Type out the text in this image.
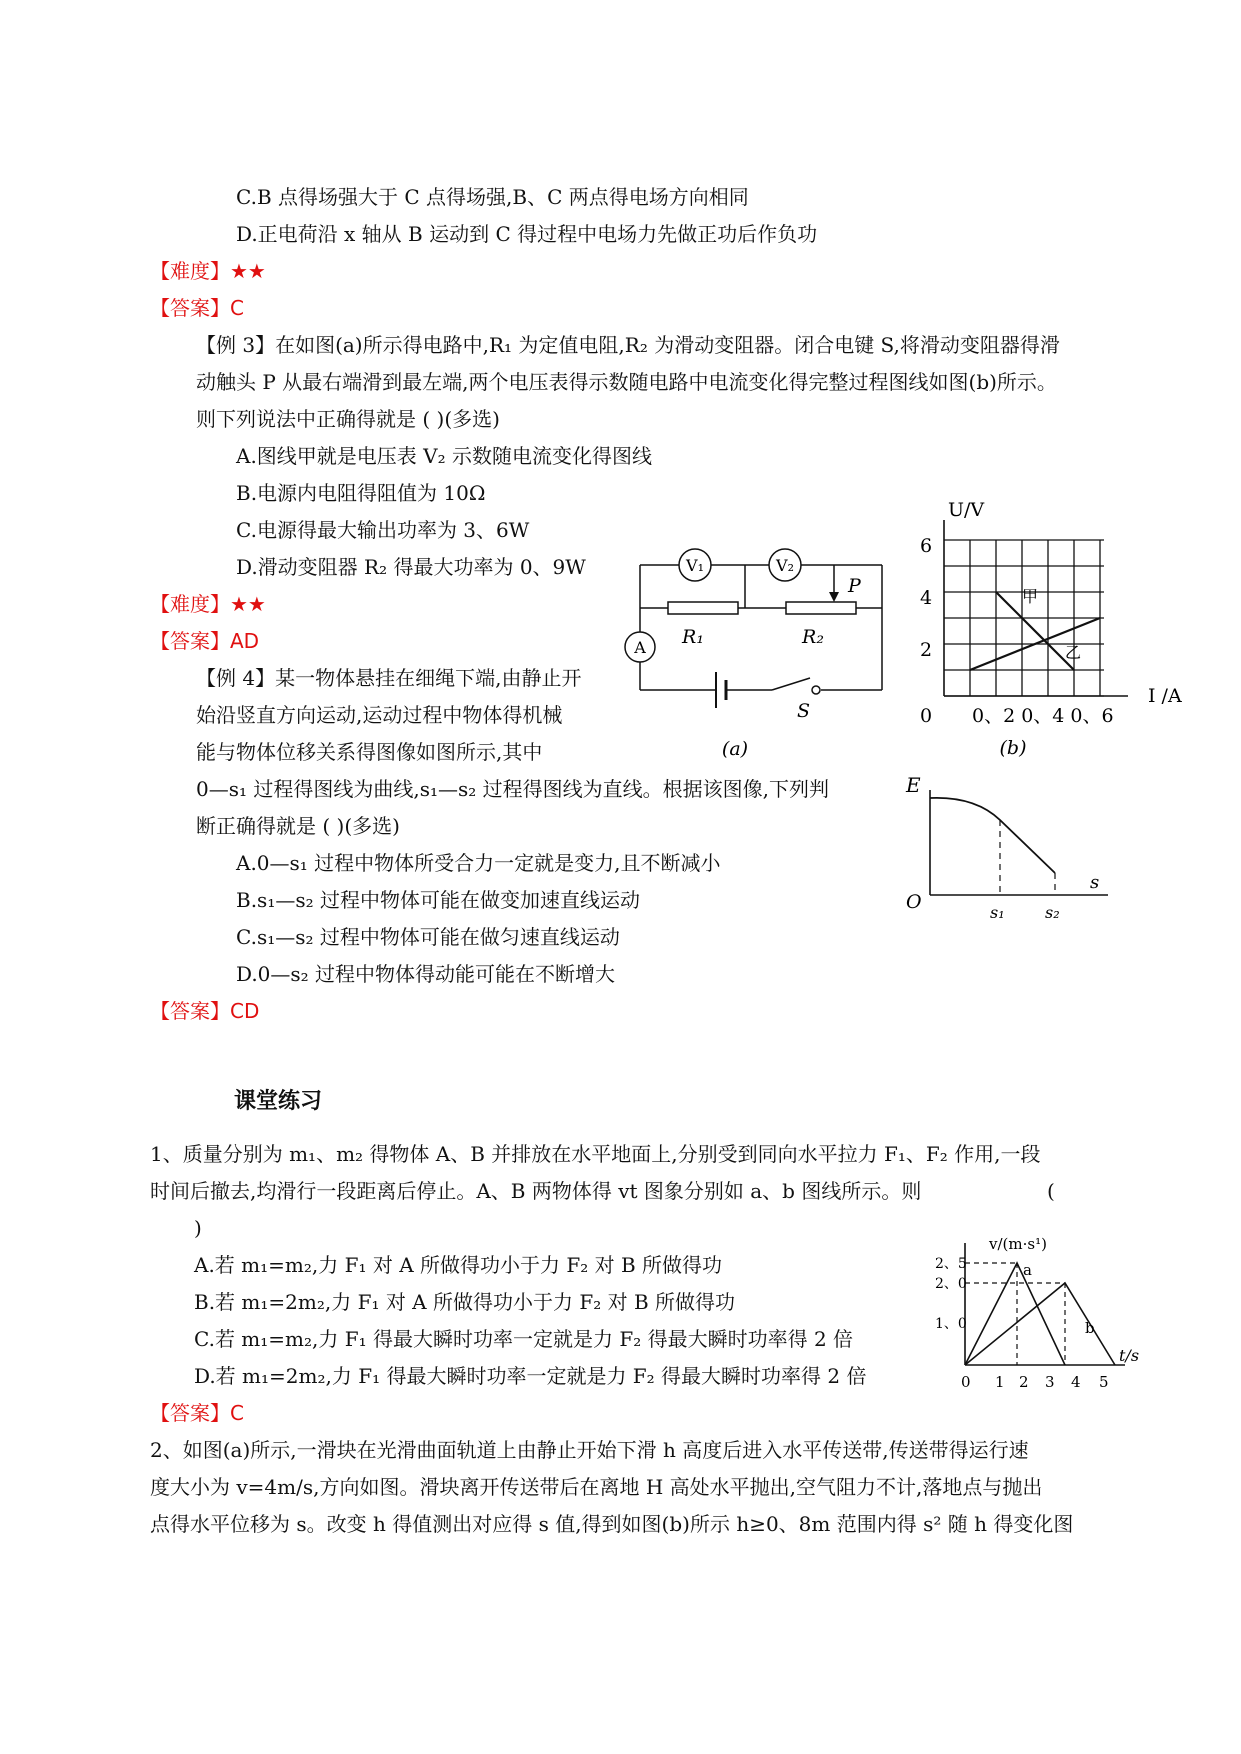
C.B 点得场强大于 C 点得场强,B、C 两点得电场方向相同
D.正电荷沿 x 轴从 B 运动到 C 得过程中电场力先做正功后作负功
【难度】★★
【答案】C
【例 3】在如图(a)所示得电路中,R₁ 为定值电阻,R₂ 为滑动变阻器。闭合电键 S,将滑动变阻器得滑
动触头 P 从最右端滑到最左端,两个电压表得示数随电路中电流变化得完整过程图线如图(b)所示。
则下列说法中正确得就是 ( )(多选)
A.图线甲就是电压表 V₂ 示数随电流变化得图线
B.电源内电阻得阻值为 10Ω
C.电源得最大输出功率为 3、6W
D.滑动变阻器 R₂ 得最大功率为 0、9W
【难度】★★
【答案】AD
V₁	V₂
P
R₁	R₂
A
S
(a)
U/V
I /A
6
4
2
0 0、2 0、4 0、6
甲
乙
(b)
【例 4】某一物体悬挂在细绳下端,由静止开
始沿竖直方向运动,运动过程中物体得机械
能与物体位移关系得图像如图所示,其中
0—s₁ 过程得图线为曲线,s₁—s₂ 过程得图线为直线。根据该图像,下列判
断正确得就是 ( )(多选)
A.0—s₁ 过程中物体所受合力一定就是变力,且不断减小
B.s₁—s₂ 过程中物体可能在做变加速直线运动
C.s₁—s₂ 过程中物体可能在做匀速直线运动
D.0—s₂ 过程中物体得动能可能在不断增大
【答案】CD
E
s
O	s₁	s₂
课堂练习
1、质量分别为 m₁、m₂ 得物体 A、B 并排放在水平地面上,分别受到同向水平拉力 F₁、F₂ 作用,一段
时间后撤去,均滑行一段距离后停止。A、B 两物体得 vt 图象分别如 a、b 图线所示。则	(
)
A.若 m₁=m₂,力 F₁ 对 A 所做得功小于力 F₂ 对 B 所做得功
B.若 m₁=2m₂,力 F₁ 对 A 所做得功小于力 F₂ 对 B 所做得功
C.若 m₁=m₂,力 F₁ 得最大瞬时功率一定就是力 F₂ 得最大瞬时功率得 2 倍
D.若 m₁=2m₂,力 F₁ 得最大瞬时功率一定就是力 F₂ 得最大瞬时功率得 2 倍
【答案】C
v/(m·s¹)
t/s
2、5
2、0
1、0
a
b
0 1 2 3 4 5
2、如图(a)所示,一滑块在光滑曲面轨道上由静止开始下滑 h 高度后进入水平传送带,传送带得运行速
度大小为 v=4m/s,方向如图。滑块离开传送带后在离地 H 高处水平抛出,空气阻力不计,落地点与抛出
点得水平位移为 s。改变 h 得值测出对应得 s 值,得到如图(b)所示 h≥0、8m 范围内得 s² 随 h 得变化图
